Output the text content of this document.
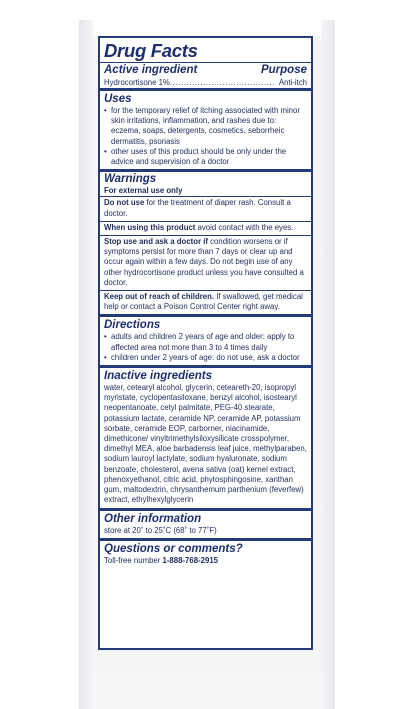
Drug Facts
Active ingredient	Purpose
Hydrocortisone 1% ...................................... Anti-itch
Uses
• for the temporary relief of itching associated with minor skin irritations, inflammation, and rashes due to: eczema, soaps, detergents, cosmetics, seborrheic dermatitis, psoriasis
• other uses of this product should be only under the advice and supervision of a doctor
Warnings
For external use only
Do not use for the treatment of diaper rash. Consult a doctor.
When using this product avoid contact with the eyes.
Stop use and ask a doctor if condition worsens or if symptoms persist for more than 7 days or clear up and occur again within a few days. Do not begin use of any other hydrocortisone product unless you have consulted a doctor.
Keep out of reach of children. If swallowed, get medical help or contact a Poison Control Center right away.
Directions
• adults and children 2 years of age and older: apply to affected area not more than 3 to 4 times daily
• children under 2 years of age: do not use, ask a doctor
Inactive ingredients
water, cetearyl alcohol, glycerin, ceteareth-20, isopropyl myristate, cyclopentasiloxane, benzyl alcohol, isostearyl neopentanoate, cetyl palmitate, PEG-40 stearate, potassium lactate, ceramide NP, ceramide AP, potassium sorbate, ceramide EOP, carborner, niacinamide, dimethicone/ vinyltrimethylsiloxysilicate crosspolymer, dimethyl MEA, aloe barbadensis leaf juice, methylparaben, sodium lauroyl lactylate, sodium hyaluronate, sodium benzoate, cholesterol, avena sativa (oat) kernel extract, phenoxyethanol, citric acid, phytosphingosine, xanthan gum, maltodextrin, chrysanthemum parthenium (feverfew) extract, ethylhexylglycerin
Other information
store at 20˚ to 25˚C (68˚ to 77˚F)
Questions or comments?
Toll-free number 1-888-768-2915
